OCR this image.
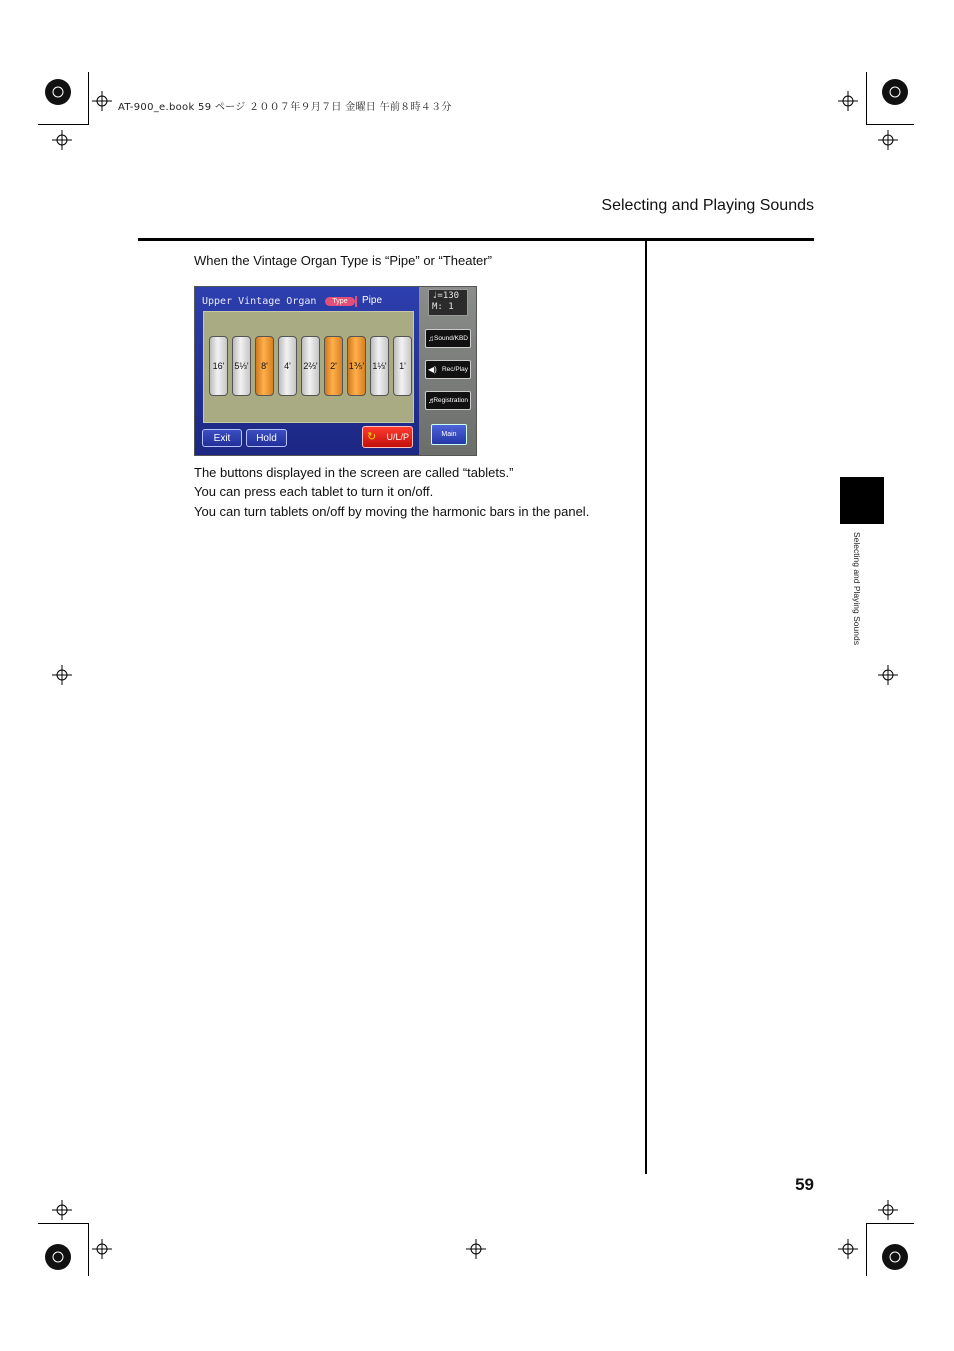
AT-900_e.book 59 ページ ２００７年９月７日 金曜日 午前８時４３分
Selecting and Playing Sounds
When the Vintage Organ Type is “Pipe” or “Theater”
Upper Vintage Organ	Type	Pipe
16'	5⅓'	8'	4'	2⅔'	2'	1⅗' 1⅓'	1'
Exit	Hold	↻ U/L/P
♩=130
M: 1
♫ Sound/KBD
◀) Rec/Play
♬
Registration
Main
The buttons displayed in the screen are called “tablets.”
You can press each tablet to turn it on/off.
You can turn tablets on/off by moving the harmonic bars in the panel.
Selecting and Playing Sounds
59
